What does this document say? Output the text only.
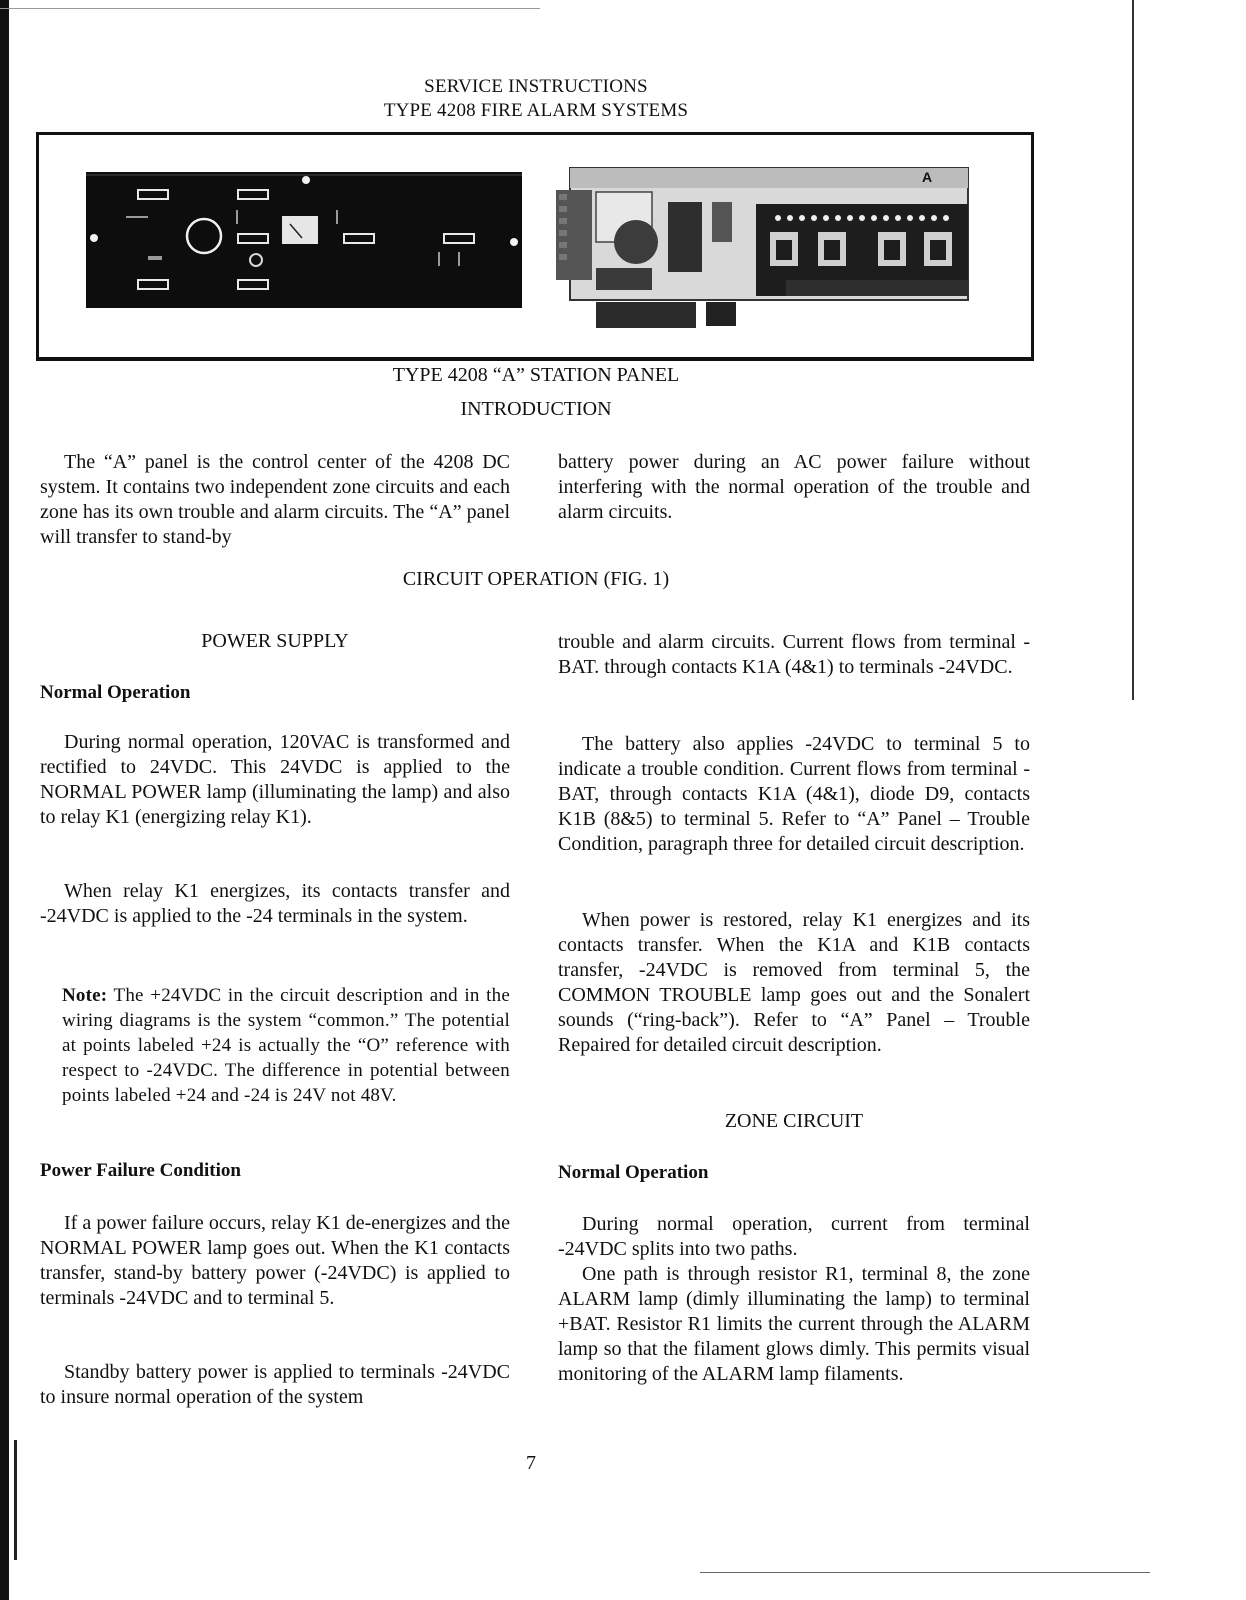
SERVICE INSTRUCTIONS
TYPE 4208 FIRE ALARM SYSTEMS
A
TYPE 4208 “A” STATION PANEL
INTRODUCTION

The “A” panel is the control center of the 4208 DC system. It contains two independent zone circuits and each zone has its own trouble and alarm circuits. The “A” panel will transfer to stand-by

battery power during an AC power failure without interfering with the normal operation of the trouble and alarm circuits.

CIRCUIT OPERATION (FIG. 1)
POWER SUPPLY
Normal Operation

During normal operation, 120VAC is transformed and rectified to 24VDC. This 24VDC is applied to the NORMAL POWER lamp (illuminating the lamp) and also to relay K1 (energizing relay K1).

When relay K1 energizes, its contacts transfer and -24VDC is applied to the -24 terminals in the system.

Note: The +24VDC in the circuit description and in the wiring diagrams is the system “common.” The potential at points labeled +24 is actually the “O” reference with respect to -24VDC. The difference in potential between points labeled +24 and -24 is 24V not 48V.

Power Failure Condition

If a power failure occurs, relay K1 de-energizes and the NORMAL POWER lamp goes out. When the K1 contacts transfer, stand-by battery power (-24VDC) is applied to terminals -24VDC and to terminal 5.

Standby battery power is applied to terminals -24VDC to insure normal operation of the system

trouble and alarm circuits. Current flows from terminal -BAT. through contacts K1A (4&1) to terminals -24VDC.

The battery also applies -24VDC to terminal 5 to indicate a trouble condition. Current flows from terminal -BAT, through contacts K1A (4&1), diode D9, contacts K1B (8&5) to terminal 5. Refer to “A” Panel – Trouble Condition, paragraph three for detailed circuit description.

When power is restored, relay K1 energizes and its contacts transfer. When the K1A and K1B contacts transfer, -24VDC is removed from terminal 5, the COMMON TROUBLE lamp goes out and the Sonalert sounds (“ring-back”). Refer to “A” Panel – Trouble Repaired for detailed circuit description.

ZONE CIRCUIT
Normal Operation

During normal operation, current from terminal -24VDC splits into two paths.

One path is through resistor R1, terminal 8, the zone ALARM lamp (dimly illuminating the lamp) to terminal +BAT. Resistor R1 limits the current through the ALARM lamp so that the filament glows dimly. This permits visual monitoring of the ALARM lamp filaments.

7
